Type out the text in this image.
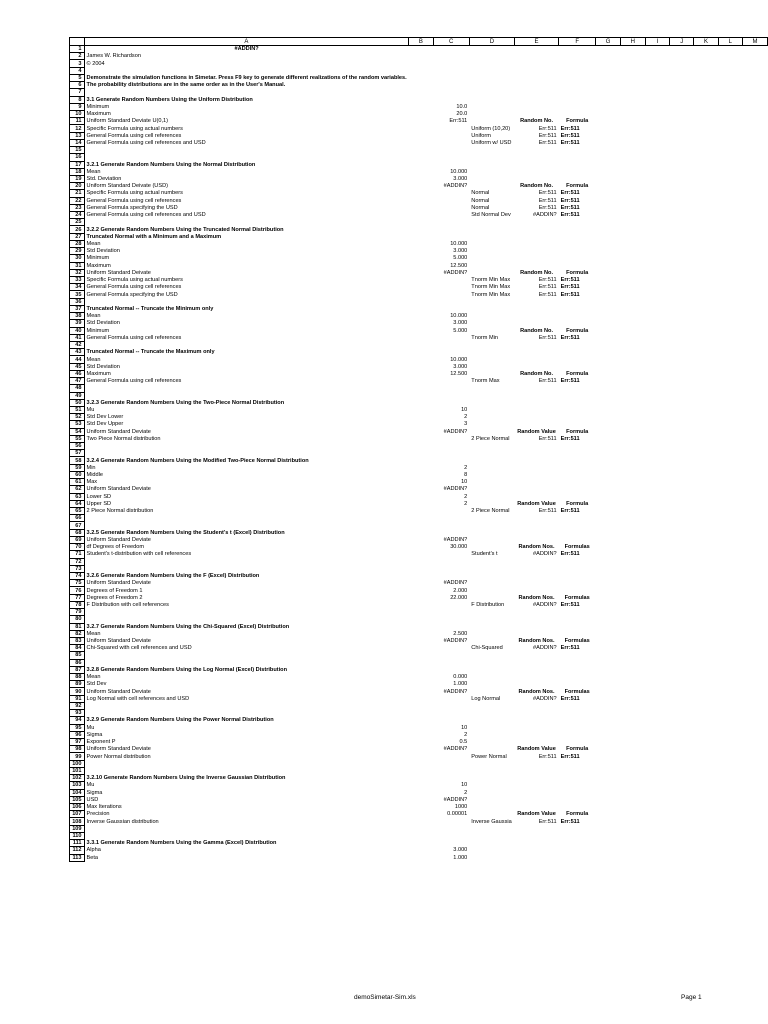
	A	B	C	D	E	F	G	H	I	J	K	L	M
1	#ADDIN?												
2	James W. Richardson												
3	© 2004												
4													
5	Demonstrate the simulation functions in Simetar. Press F9 key to generate different realizations of the random variables.												
6	The probability distributions are in the same order as in the User's Manual.												
7													
8	3.1 Generate Random Numbers Using the Uniform Distribution												
9	Minimum		10.0										
10	Maximum		20.0										
11	Uniform Standard Deviate U(0,1)		Err:511		Random No.	Formula							
12	Specific Formula using actual numbers			Uniform (10,20)	Err:511	Err:511							
13	General Formula using cell references			Uniform	Err:511	Err:511							
14	General Formula using cell references and USD			Uniform w/ USD	Err:511	Err:511							
15													
16													
17	3.2.1 Generate Random Numbers Using the Normal Distribution												
18	Mean		10.000										
19	Std. Deviation		3.000										
20	Uniform Standard Deivate (USD)		#ADDIN?		Random No.	Formula							
21	Specific Formula using actual numbers			Normal	Err:511	Err:511							
22	General Formula using cell references			Normal	Err:511	Err:511							
23	General Formula specifying the USD			Normal	Err:511	Err:511							
24	General Formula using cell references and USD			Std Normal Dev	#ADDIN?	Err:511							
25													
26	3.2.2 Generate Random Numbers Using the Truncated Normal Distribution												
27	Truncated Normal with a Minimum and a Maximum												
28	Mean		10.000										
29	Std Deviation		3.000										
30	Minimum		5.000										
31	Maximum		12.500										
32	Uniform Standard Deivate		#ADDIN?		Random No.	Formula							
33	Specific Formula using actual numbers			Tnorm Min Max	Err:511	Err:511							
34	General Formula using cell references			Tnorm Min Max	Err:511	Err:511							
35	General Formula specifying the USD			Tnorm Min Max	Err:511	Err:511							
36													
37	Truncated Normal -- Truncate the Minimum only												
38	Mean		10.000										
39	Std Deviation		3.000										
40	Minimum		5.000		Random No.	Formula							
41	General Formula using cell references			Tnorm Min	Err:511	Err:511							
42													
43	Truncated Normal -- Truncate the Maximum only												
44	Mean		10.000										
45	Std Deviation		3.000										
46	Maximum		12.500		Random No.	Formula							
47	General Formula using cell references			Tnorm Max	Err:511	Err:511							
48													
49													
50	3.2.3 Generate Random Numbers Using the Two-Piece Normal Distribution												
51	Mu		10										
52	Std Dev Lower		2										
53	Std Dev Upper		3										
54	Uniform Standard Deviate		#ADDIN?		Random Value	Formula							
55	Two Piece Normal distribution			2 Piece Normal	Err:511	Err:511							
56													
57													
58	3.2.4 Generate Random Numbers Using the Modified Two-Piece Normal Distribution												
59	Min		2										
60	Middle		8										
61	Max		10										
62	Uniform Standard Deviate		#ADDIN?										
63	Lower SD		2										
64	Upper SD		2		Random Value	Formula							
65	2 Piece Normal distribution			2 Piece Normal	Err:511	Err:511							
66													
67													
68	3.2.5 Generate Random Numbers Using the Student's t (Excel) Distribution												
69	Uniform Standard Deviate		#ADDIN?										
70	df Degrees of Freedom		30.000		Random Nos.	Formulas							
71	Student's t-distribution with cell references			Student's t	#ADDIN?	Err:511							
72													
73													
74	3.2.6 Generate Random Numbers Using the F (Excel) Distribution												
75	Uniform Standard Deviate		#ADDIN?										
76	Degrees of Freedom 1		2.000										
77	Degrees of Freedom 2		22.000		Random Nos.	Formulas							
78	F Distribution with cell references			F Distribution	#ADDIN?	Err:511							
79													
80													
81	3.2.7 Generate Random Numbers Using the Chi-Squared (Excel) Distribution												
82	Mean		2.500										
83	Uniform Standard Deviate		#ADDIN?		Random Nos.	Formulas							
84	Chi-Squared with cell references and USD			Chi-Squared	#ADDIN?	Err:511							
85													
86													
87	3.2.8 Generate Random Numbers Using the Log Normal (Excel) Distribution												
88	Mean		0.000										
89	Std Dev		1.000										
90	Uniform Standard Deviate		#ADDIN?		Random Nos.	Formulas							
91	Log Normal with cell references and USD			Log Normal	#ADDIN?	Err:511							
92													
93													
94	3.2.9 Generate Random Numbers Using the Power Normal Distribution												
95	Mu		10										
96	Sigma		2										
97	Exponent P		0.5										
98	Uniform Standard Deviate		#ADDIN?		Random Value	Formula							
99	Power Normal distribution			Power Normal	Err:511	Err:511							
100													
101													
102	3.2.10 Generate Random Numbers Using the Inverse Gaussian Distribution												
103	Mu		10										
104	Sigma		2										
105	USD		#ADDIN?										
106	Max Iterations		1000										
107	Precision		0.00001		Random Value	Formula							
108	Inverse Gaussian distribution			Inverse Gaussia	Err:511	Err:511							
109													
110													
111	3.3.1 Generate Random Numbers Using the Gamma (Excel) Distribution												
112	Alpha		3.000										
113	Beta		1.000										
demoSimetar-Sim.xls	Page 1
